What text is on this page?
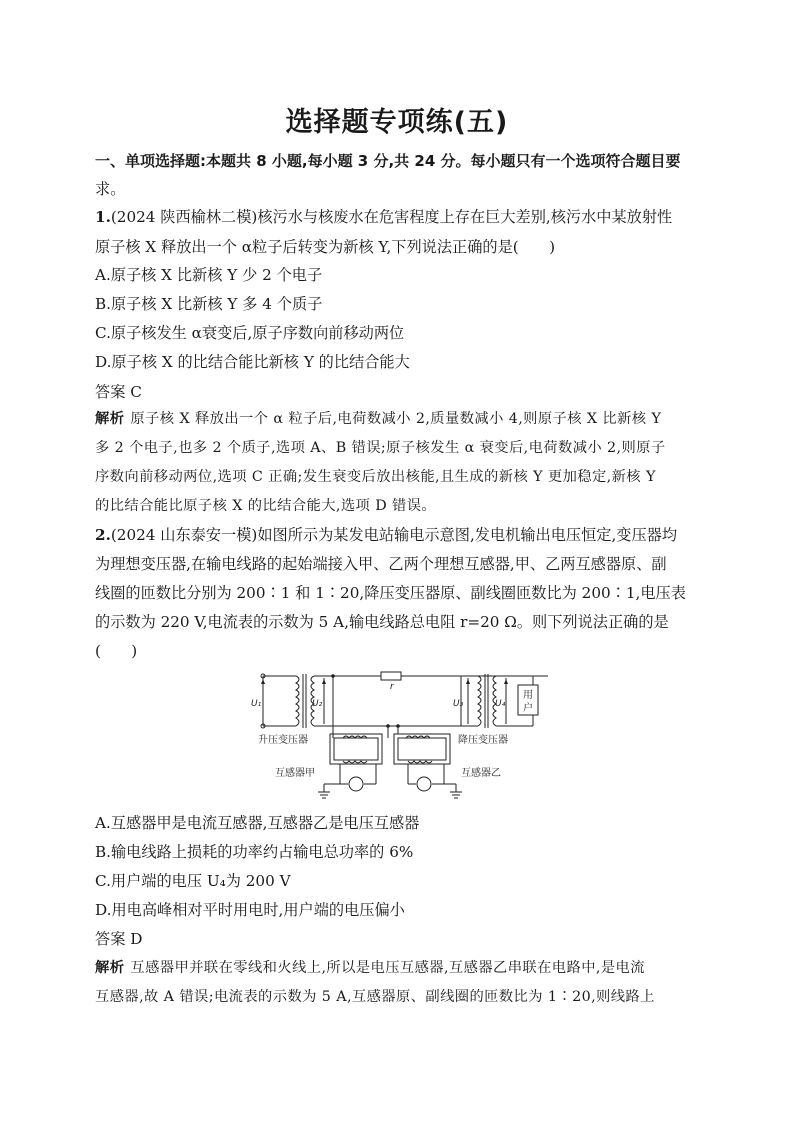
选择题专项练(五)
一、单项选择题:本题共 8 小题,每小题 3 分,共 24 分。每小题只有一个选项符合题目要
求。
1.(2024 陕西榆林二模)核污水与核废水在危害程度上存在巨大差别,核污水中某放射性
原子核 X 释放出一个 α粒子后转变为新核 Y,下列说法正确的是(　　)
A.原子核 X 比新核 Y 少 2 个电子
B.原子核 X 比新核 Y 多 4 个质子
C.原子核发生 α衰变后,原子序数向前移动两位
D.原子核 X 的比结合能比新核 Y 的比结合能大
答案 C
解析 原子核 X 释放出一个 α 粒子后,电荷数减小 2,质量数减小 4,则原子核 X 比新核 Y
多 2 个电子,也多 2 个质子,选项 A、B 错误;原子核发生 α 衰变后,电荷数减小 2,则原子
序数向前移动两位,选项 C 正确;发生衰变后放出核能,且生成的新核 Y 更加稳定,新核 Y
的比结合能比原子核 X 的比结合能大,选项 D 错误。
2.(2024 山东泰安一模)如图所示为某发电站输电示意图,发电机输出电压恒定,变压器均
为理想变压器,在输电线路的起始端接入甲、乙两个理想互感器,甲、乙两互感器原、副
线圈的匝数比分别为 200∶1 和 1∶20,降压变压器原、副线圈匝数比为 200∶1,电压表
的示数为 220 V,电流表的示数为 5 A,输电线路总电阻 r=20 Ω。则下列说法正确的是
(　　)
U₁	U₂	U₃	U₄
r
用
户
升压变压器	降压变压器
互感器甲	互感器乙
A.互感器甲是电流互感器,互感器乙是电压互感器
B.输电线路上损耗的功率约占输电总功率的 6%
C.用户端的电压 U₄为 200 V
D.用电高峰相对平时用电时,用户端的电压偏小
答案 D
解析 互感器甲并联在零线和火线上,所以是电压互感器,互感器乙串联在电路中,是电流
互感器,故 A 错误;电流表的示数为 5 A,互感器原、副线圈的匝数比为 1∶20,则线路上
